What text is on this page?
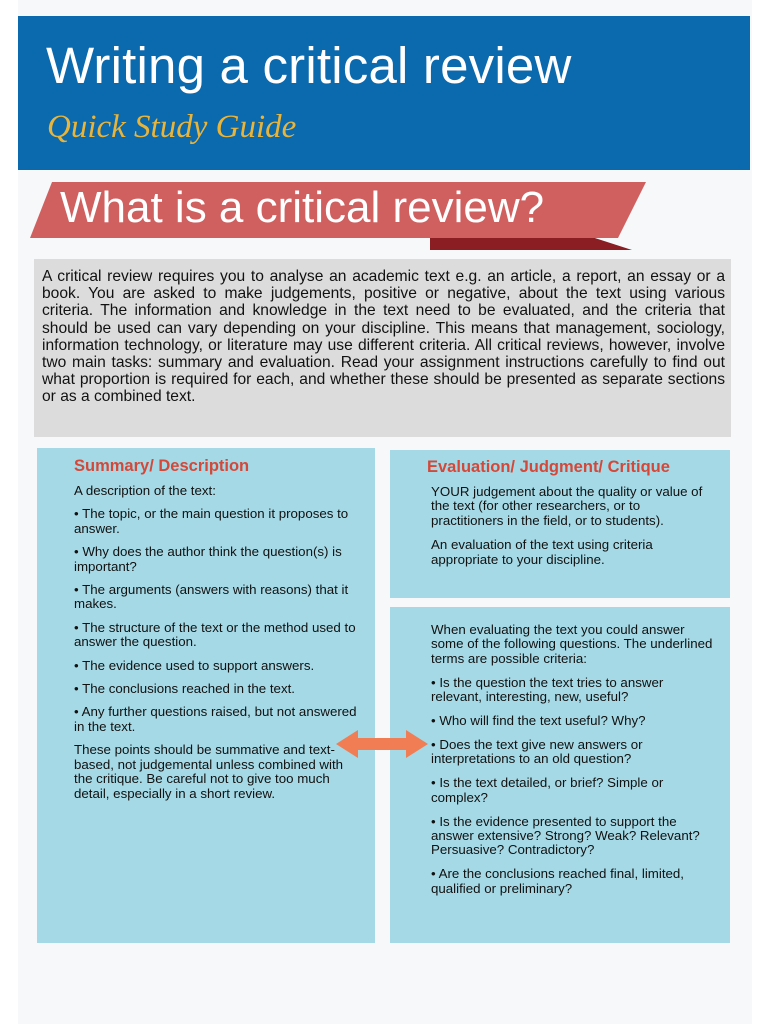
Writing a critical review
Quick Study Guide
What is a critical review?

A critical review requires you to analyse an academic text e.g. an article, a report, an essay or a book. You are asked to make judgements, positive or negative, about the text using various criteria. The information and knowledge in the text need to be evaluated, and the criteria that should be used can vary depending on your discipline. This means that management, sociology, information technology, or literature may use different criteria. All critical reviews, however, involve two main tasks: summary and evaluation. Read your assignment instructions carefully to find out what proportion is required for each, and whether these should be presented as separate sections or as a combined text.

Summary/ Description

A description of the text:

• The topic, or the main question it proposes to answer.

• Why does the author think the question(s) is important?

• The arguments (answers with reasons) that it makes.

• The structure of the text or the method used to answer the question.

• The evidence used to support answers.

• The conclusions reached in the text.

• Any further questions raised, but not answered in the text.

These points should be summative and text-based, not judgemental unless combined with the critique. Be careful not to give too much detail, especially in a short review.

Evaluation/ Judgment/ Critique

YOUR judgement about the quality or value of the text (for other researchers, or to practitioners in the field, or to students).

An evaluation of the text using criteria appropriate to your discipline.

When evaluating the text you could answer some of the following questions. The underlined terms are possible criteria:

• Is the question the text tries to answer relevant, interesting, new, useful?

• Who will find the text useful? Why?

• Does the text give new answers or interpretations to an old question?

• Is the text detailed, or brief? Simple or complex?

• Is the evidence presented to support the answer extensive? Strong? Weak? Relevant? Persuasive? Contradictory?

• Are the conclusions reached final, limited, qualified or preliminary?
